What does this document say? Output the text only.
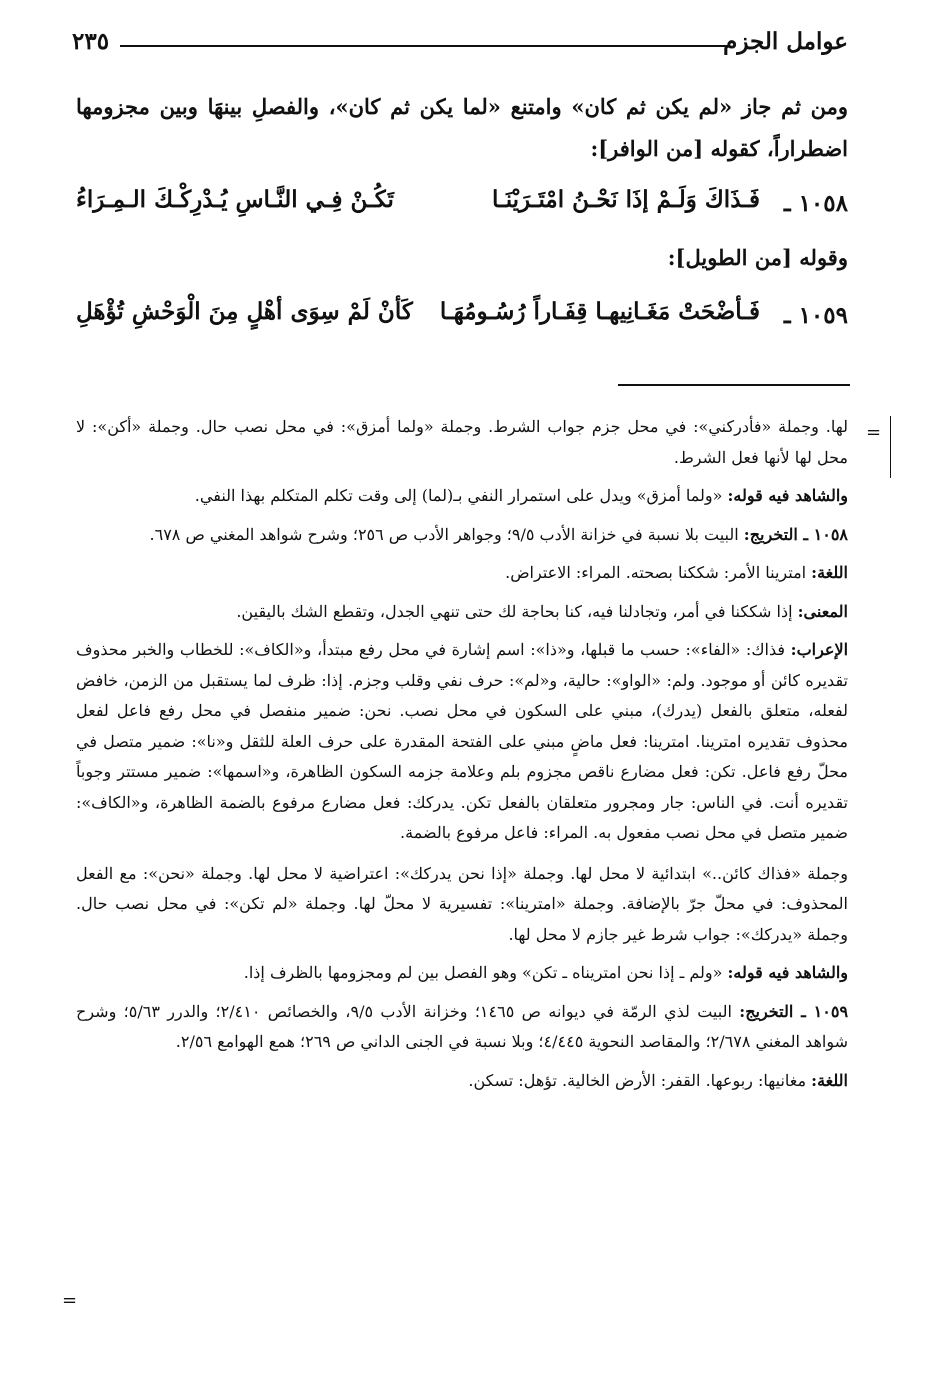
عوامل الجزم
٢٣٥
ومن ثم جاز «لم يكن ثم كان» وامتنع «لما يكن ثم كان»، والفصلِ بينهَا وبين مجزومها اضطراراً، كقوله [من الوافر]:
١٠٥٨ ـ
فَـذَاكَ وَلَـمْ إذَا نَحْـنُ امْتَـرَيْنَـا
تَكُـنْ فِـي النَّـاسِ يُـدْرِكْـكَ الـمِـرَاءُ
وقوله [من الطويل]:
١٠٥٩ ـ
فَـأضْحَتْ مَغَـانِيهـا قِفَـاراً رُسُـومُهَـا
كَأنْ لَمْ سِوَى أهْلٍ مِنَ الْوَحْشِ تُؤْهَلِ
=

لها. وجملة «فأدركني»: في محل جزم جواب الشرط. وجملة «ولما أمزق»: في محل نصب حال. وجملة «أكن»: لا محل لها لأنها فعل الشرط.

والشاهد فيه قوله: «ولما أمزق» ويدل على استمرار النفي بـ(لما) إلى وقت تكلم المتكلم بهذا النفي.

١٠٥٨ ـ التخريج: البيت بلا نسبة في خزانة الأدب ٩/٥؛ وجواهر الأدب ص ٢٥٦؛ وشرح شواهد المغني ص ٦٧٨.

اللغة: امترينا الأمر: شككنا بصحته. المراء: الاعتراض.

المعنى: إذا شككنا في أمر، وتجادلنا فيه، كنا بحاجة لك حتى تنهي الجدل، وتقطع الشك باليقين.

الإعراب: فذاك: «الفاء»: حسب ما قبلها، و«ذا»: اسم إشارة في محل رفع مبتدأ، و«الكاف»: للخطاب والخبر محذوف تقديره كائن أو موجود. ولم: «الواو»: حالية، و«لم»: حرف نفي وقلب وجزم. إذا: ظرف لما يستقبل من الزمن، خافض لفعله، متعلق بالفعل (يدرك)، مبني على السكون في محل نصب. نحن: ضمير منفصل في محل رفع فاعل لفعل محذوف تقديره امترينا. امترينا: فعل ماضٍ مبني على الفتحة المقدرة على حرف العلة للثقل و«نا»: ضمير متصل في محلّ رفع فاعل. تكن: فعل مضارع ناقص مجزوم بلم وعلامة جزمه السكون الظاهرة، و«اسمها»: ضمير مستتر وجوباً تقديره أنت. في الناس: جار ومجرور متعلقان بالفعل تكن. يدركك: فعل مضارع مرفوع بالضمة الظاهرة، و«الكاف»: ضمير متصل في محل نصب مفعول به. المراء: فاعل مرفوع بالضمة.

وجملة «فذاك كائن..» ابتدائية لا محل لها. وجملة «إذا نحن يدركك»: اعتراضية لا محل لها. وجملة «نحن»: مع الفعل المحذوف: في محلّ جرّ بالإضافة. وجملة «امترينا»: تفسيرية لا محلّ لها. وجملة «لم تكن»: في محل نصب حال. وجملة «يدركك»: جواب شرط غير جازم لا محل لها.

والشاهد فيه قوله: «ولم ـ إذا نحن امتريناه ـ تكن» وهو الفصل بين لم ومجزومها بالظرف إذا.

١٠٥٩ ـ التخريج: البيت لذي الرمّة في ديوانه ص ١٤٦٥؛ وخزانة الأدب ٩/٥، والخصائص ٢/٤١٠؛ والدرر ٥/٦٣؛ وشرح شواهد المغني ٢/٦٧٨؛ والمقاصد النحوية ٤/٤٤٥؛ وبلا نسبة في الجنى الداني ص ٢٦٩؛ همع الهوامع ٢/٥٦.

اللغة: مغانيها: ربوعها. القفر: الأرض الخالية. تؤهل: تسكن.

=
